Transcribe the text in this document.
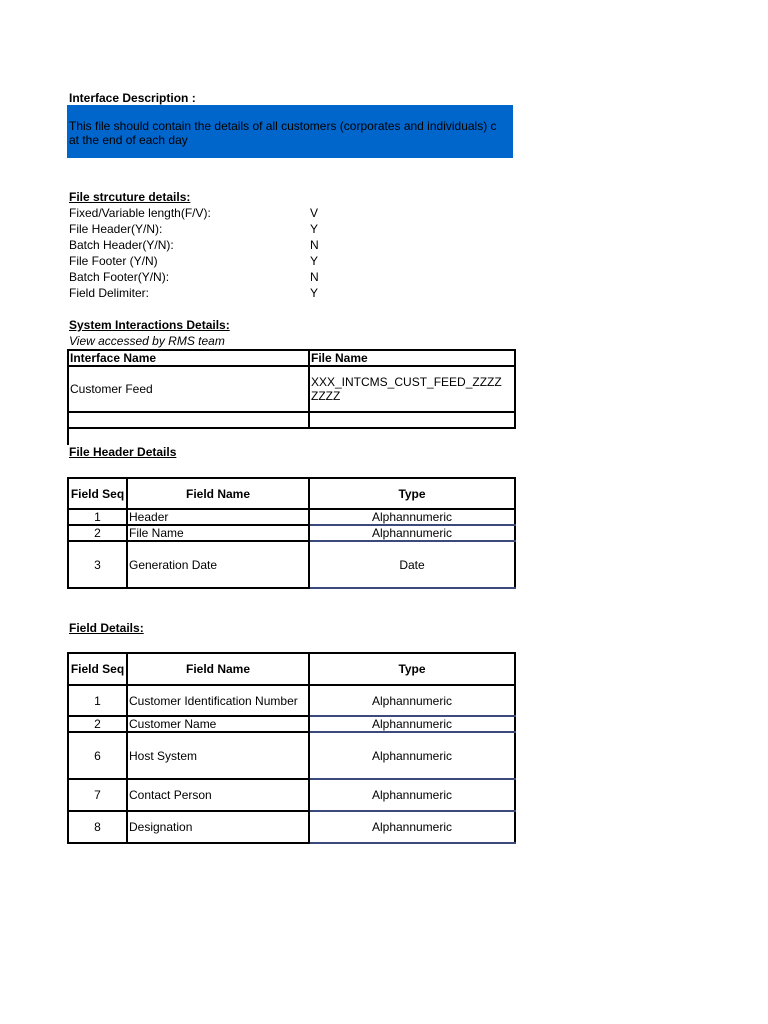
Interface Description :
This file should contain the details of all customers (corporates and individuals) c
at the end of each day
File strcuture details:
Fixed/Variable length(F/V):	V
File Header(Y/N):	Y
Batch Header(Y/N):	N
File Footer (Y/N)	Y
Batch Footer(Y/N):	N
Field Delimiter:	Y
System Interactions Details:
View accessed by RMS team
Interface Name	File Name
Customer Feed	XXX_INTCMS_CUST_FEED_ZZZZ
ZZZZ

File Header Details
Field Seq	Field Name	Type
1	Header	Alphannumeric
2	File Name	Alphannumeric
3	Generation Date	Date
Field Details:
Field Seq	Field Name	Type
1	Customer Identification Number	Alphannumeric
2	Customer Name	Alphannumeric
6	Host System	Alphannumeric
7	Contact Person	Alphannumeric
8	Designation	Alphannumeric
